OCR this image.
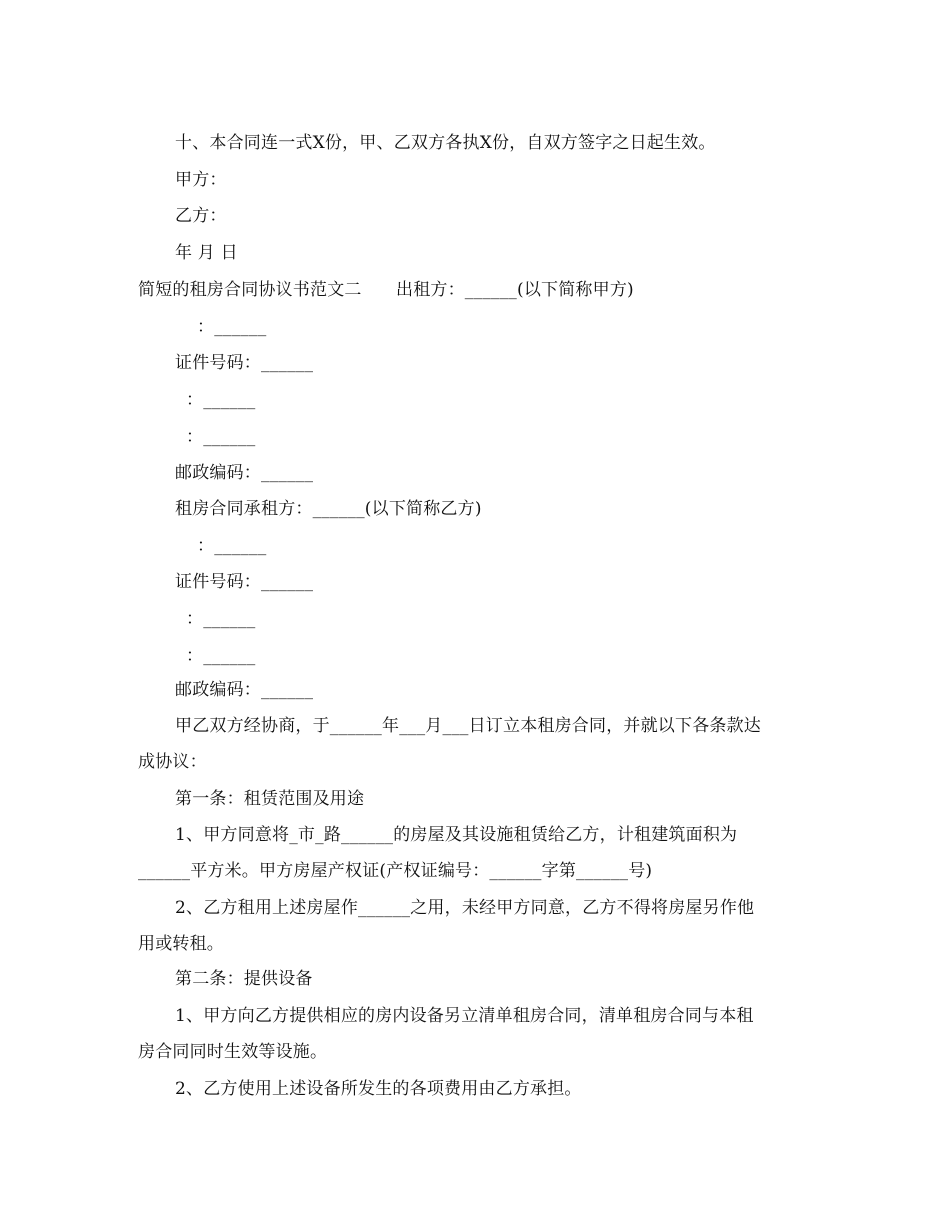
十、本合同连一式X份，甲、乙双方各执X份，自双方签字之日起生效。
甲方：
乙方：
年 月 日
简短的租房合同协议书范文二　　出租方：______(以下简称甲方)
：______
证件号码：______
：______
：______
邮政编码：______
租房合同承租方：______(以下简称乙方)
：______
证件号码：______
：______
：______
邮政编码：______
甲乙双方经协商，于______年___月___日订立本租房合同，并就以下各条款达
成协议：
第一条：租赁范围及用途
1、甲方同意将_市_路______的房屋及其设施租赁给乙方，计租建筑面积为
______平方米。甲方房屋产权证(产权证编号：______字第______号)
2、乙方租用上述房屋作______之用，未经甲方同意，乙方不得将房屋另作他
用或转租。
第二条：提供设备
1、甲方向乙方提供相应的房内设备另立清单租房合同，清单租房合同与本租
房合同同时生效等设施。
2、乙方使用上述设备所发生的各项费用由乙方承担。
